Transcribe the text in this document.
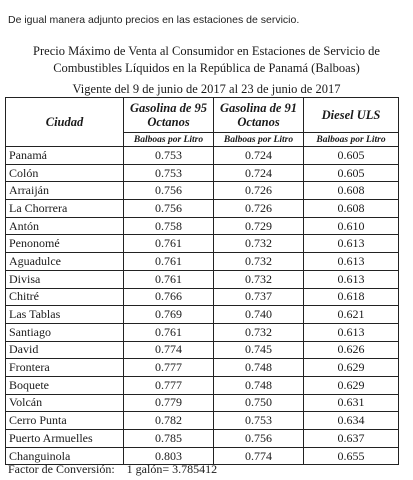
De igual manera adjunto precios en las estaciones de servicio.
Precio Máximo de Venta al Consumidor en Estaciones de Servicio de
Combustibles Líquidos en la República de Panamá (Balboas)
Vigente del 9 de junio de 2017 al 23 de junio de 2017
Ciudad	Gasolina de 95 Octanos	Gasolina de 91 Octanos	Diesel ULS
	Balboas por Litro	Balboas por Litro	Balboas por Litro
Panamá	0.753	0.724	0.605
Colón	0.753	0.724	0.605
Arraiján	0.756	0.726	0.608
La Chorrera	0.756	0.726	0.608
Antón	0.758	0.729	0.610
Penonomé	0.761	0.732	0.613
Aguadulce	0.761	0.732	0.613
Divisa	0.761	0.732	0.613
Chitré	0.766	0.737	0.618
Las Tablas	0.769	0.740	0.621
Santiago	0.761	0.732	0.613
David	0.774	0.745	0.626
Frontera	0.777	0.748	0.629
Boquete	0.777	0.748	0.629
Volcán	0.779	0.750	0.631
Cerro Punta	0.782	0.753	0.634
Puerto Armuelles	0.785	0.756	0.637
Changuinola	0.803	0.774	0.655
Factor de Conversión: 1 galón= 3.785412
